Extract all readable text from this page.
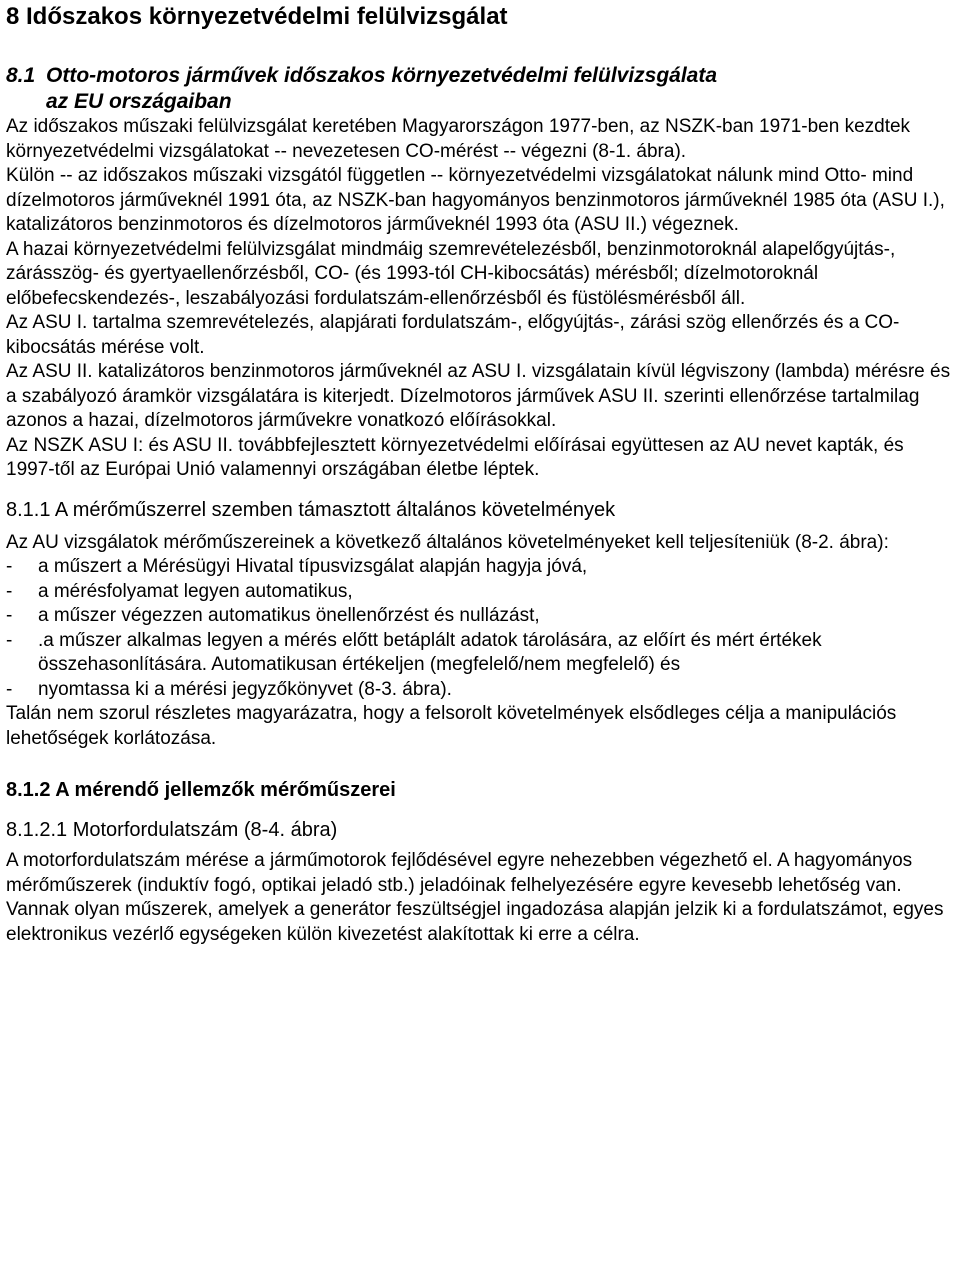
8 Időszakos környezetvédelmi felülvizsgálat
8.1 Otto-motoros járművek időszakos környezetvédelmi felülvizsgálata
az EU országaiban

Az időszakos műszaki felülvizsgálat keretében Magyarországon 1977-ben, az NSZK-ban 1971-ben kezdtek környezetvédelmi vizsgálatokat -- nevezetesen CO-mérést -- végezni (8-1. ábra).

Külön -- az időszakos műszaki vizsgától független -- környezetvédelmi vizsgálatokat nálunk mind Otto- mind dízelmotoros járműveknél 1991 óta, az NSZK-ban hagyományos benzinmotoros járműveknél 1985 óta (ASU I.), katalizátoros benzinmotoros és dízelmotoros járműveknél 1993 óta (ASU II.) végeznek.

A hazai környezetvédelmi felülvizsgálat mindmáig szemrevételezésből, benzinmotoroknál alapelőgyújtás-, zárásszög- és gyertyaellenőrzésből, CO- (és 1993-tól CH-kibocsátás) mérésből; dízelmotoroknál előbefecskendezés-, leszabályozási fordulatszám-ellenőrzésből és füstölésmérésből áll.

Az ASU I. tartalma szemrevételezés, alapjárati fordulatszám-, előgyújtás-, zárási szög ellenőrzés és a CO-kibocsátás mérése volt.

Az ASU II. katalizátoros benzinmotoros járműveknél az ASU I. vizsgálatain kívül légviszony (lambda) mérésre és a szabályozó áramkör vizsgálatára is kiterjedt. Dízelmotoros járművek ASU II. szerinti ellenőrzése tartalmilag azonos a hazai, dízelmotoros járművekre vonatkozó előírásokkal.

Az NSZK ASU I: és ASU II. továbbfejlesztett környezetvédelmi előírásai együttesen az AU nevet kapták, és 1997-től az Európai Unió valamennyi országában életbe léptek.

8.1.1 A mérőműszerrel szemben támasztott általános követelmények

Az AU vizsgálatok mérőműszereinek a következő általános követelményeket kell teljesíteniük (8-2. ábra):

-	a műszert a Mérésügyi Hivatal típusvizsgálat alapján hagyja jóvá,
-	a mérésfolyamat legyen automatikus,
-	a műszer végezzen automatikus önellenőrzést és nullázást,
-	.a műszer alkalmas legyen a mérés előtt betáplált adatok tárolására, az előírt és mért értékek összehasonlítására. Automatikusan értékeljen (megfelelő/nem megfelelő) és
-	nyomtassa ki a mérési jegyzőkönyvet (8-3. ábra).

Talán nem szorul részletes magyarázatra, hogy a felsorolt követelmények elsődleges célja a manipulációs lehetőségek korlátozása.

8.1.2 A mérendő jellemzők mérőműszerei
8.1.2.1 Motorfordulatszám (8-4. ábra)

A motorfordulatszám mérése a járműmotorok fejlődésével egyre nehezebben végezhető el. A hagyományos mérőműszerek (induktív fogó, optikai jeladó stb.) jeladóinak felhelyezésére egyre kevesebb lehetőség van. Vannak olyan műszerek, amelyek a generátor feszültségjel ingadozása alapján jelzik ki a fordulatszámot, egyes elektronikus vezérlő egységeken külön kivezetést alakítottak ki erre a célra.
